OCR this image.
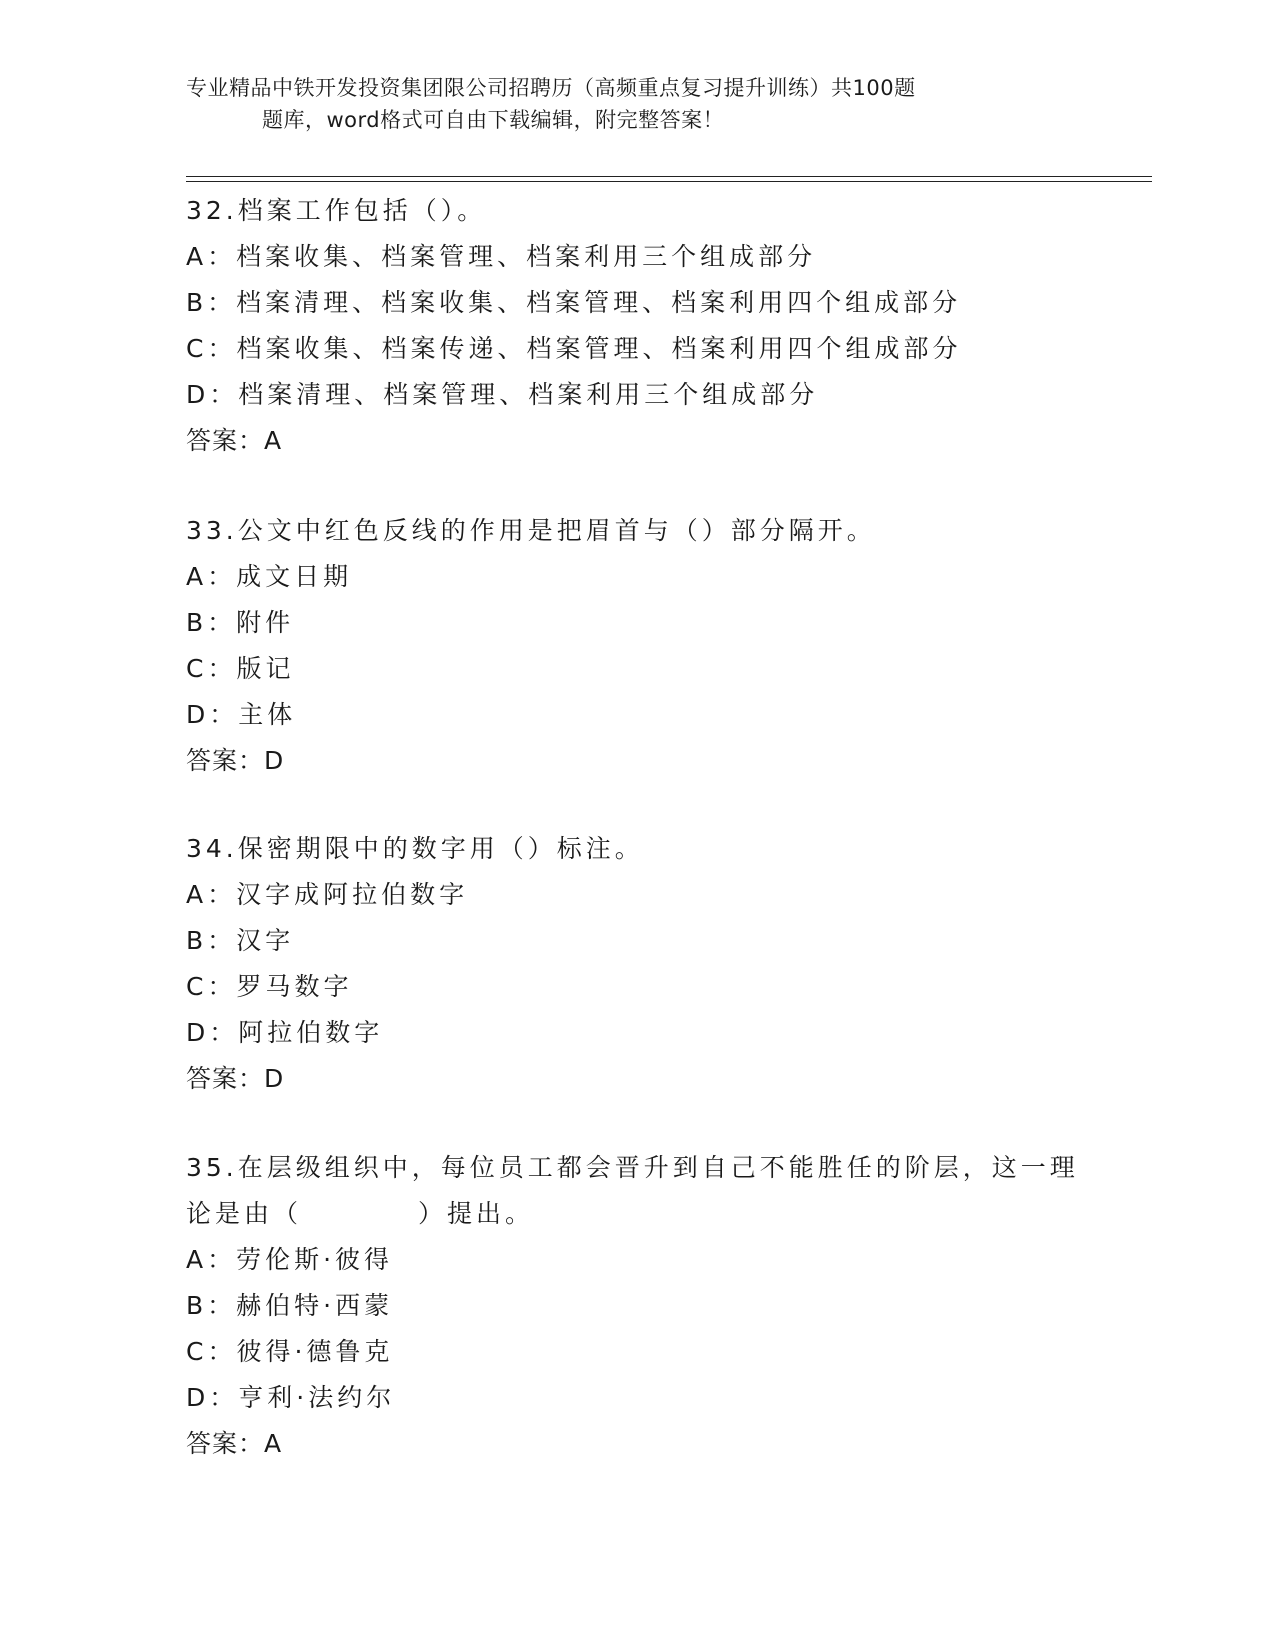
专业精品中铁开发投资集团限公司招聘历（高频重点复习提升训练）共100题
题库，word格式可自由下载编辑，附完整答案！
32.档案工作包括（）。
A：档案收集、档案管理、档案利用三个组成部分
B：档案清理、档案收集、档案管理、档案利用四个组成部分
C：档案收集、档案传递、档案管理、档案利用四个组成部分
D：档案清理、档案管理、档案利用三个组成部分
答案：A
33.公文中红色反线的作用是把眉首与（）部分隔开。
A：成文日期
B：附件
C：版记
D：主体
答案：D
34.保密期限中的数字用（）标注。
A：汉字成阿拉伯数字
B：汉字
C：罗马数字
D：阿拉伯数字
答案：D
35.在层级组织中，每位员工都会晋升到自己不能胜任的阶层，这一理
论是由（　　　　）提出。
A：劳伦斯·彼得
B：赫伯特·西蒙
C：彼得·德鲁克
D：亨利·法约尔
答案：A
